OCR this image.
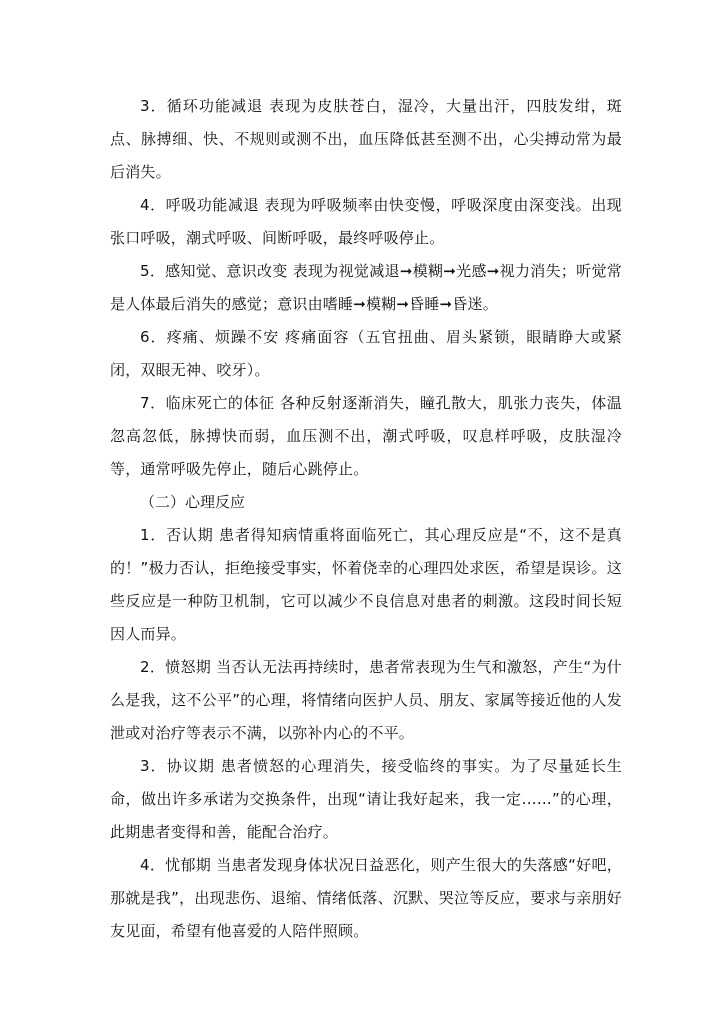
3．循环功能减退 表现为皮肤苍白，湿冷，大量出汗，四肢发绀，斑点、脉搏细、快、不规则或测不出，血压降低甚至测不出，心尖搏动常为最后消失。

4．呼吸功能减退 表现为呼吸频率由快变慢，呼吸深度由深变浅。出现张口呼吸，潮式呼吸、间断呼吸，最终呼吸停止。

5．感知觉、意识改变 表现为视觉减退➞模糊➞光感➞视力消失；听觉常是人体最后消失的感觉；意识由嗜睡➞模糊➞昏睡➞昏迷。

6．疼痛、烦躁不安 疼痛面容（五官扭曲、眉头紧锁，眼睛睁大或紧闭，双眼无神、咬牙）。

7．临床死亡的体征 各种反射逐渐消失，瞳孔散大，肌张力丧失，体温忽高忽低，脉搏快而弱，血压测不出，潮式呼吸，叹息样呼吸，皮肤湿冷等，通常呼吸先停止，随后心跳停止。

（二）心理反应

1．否认期 患者得知病情重将面临死亡，其心理反应是“不，这不是真的！”极力否认，拒绝接受事实，怀着侥幸的心理四处求医，希望是误诊。这些反应是一种防卫机制，它可以减少不良信息对患者的刺激。这段时间长短因人而异。

2．愤怒期 当否认无法再持续时，患者常表现为生气和激怒，产生“为什么是我，这不公平”的心理，将情绪向医护人员、朋友、家属等接近他的人发泄或对治疗等表示不满，以弥补内心的不平。

3．协议期 患者愤怒的心理消失，接受临终的事实。为了尽量延长生命，做出许多承诺为交换条件，出现“请让我好起来，我一定……”的心理，此期患者变得和善，能配合治疗。

4．忧郁期 当患者发现身体状况日益恶化，则产生很大的失落感“好吧，那就是我”，出现悲伤、退缩、情绪低落、沉默、哭泣等反应，要求与亲朋好友见面，希望有他喜爱的人陪伴照顾。
